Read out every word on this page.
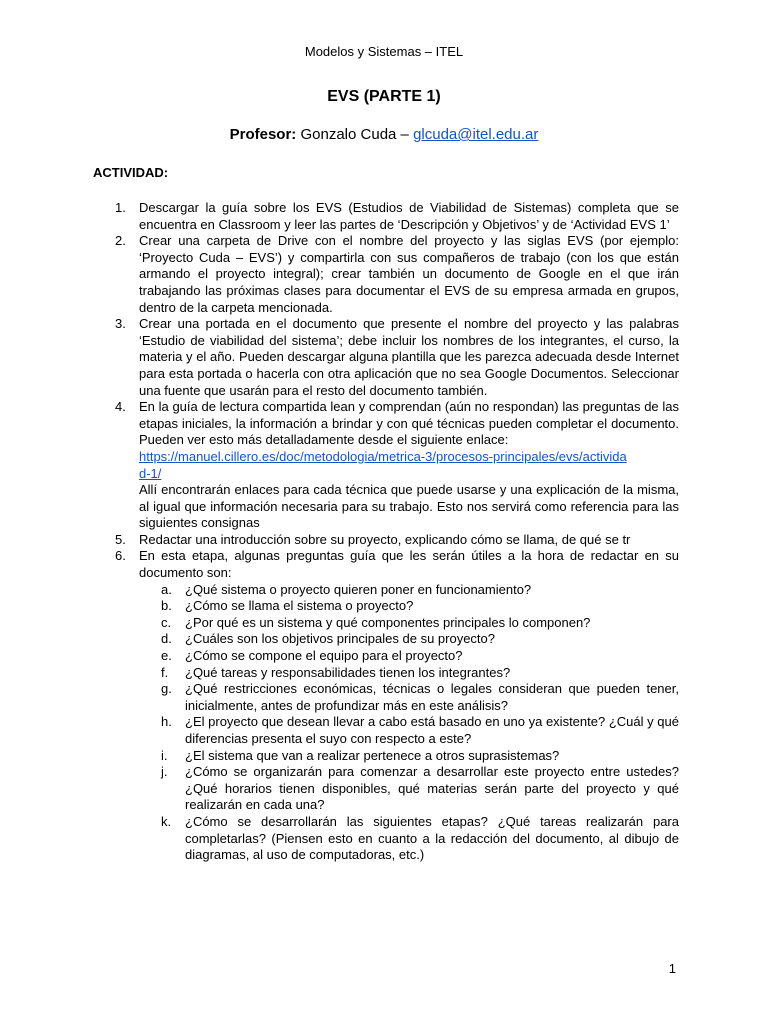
Modelos y Sistemas – ITEL
EVS (PARTE 1)
Profesor: Gonzalo Cuda – glcuda@itel.edu.ar
ACTIVIDAD:
1. Descargar la guía sobre los EVS (Estudios de Viabilidad de Sistemas) completa que se encuentra en Classroom y leer las partes de ‘Descripción y Objetivos’ y de ‘Actividad EVS 1’

2. Crear una carpeta de Drive con el nombre del proyecto y las siglas EVS (por ejemplo: ‘Proyecto Cuda – EVS’) y compartirla con sus compañeros de trabajo (con los que están armando el proyecto integral); crear también un documento de Google en el que irán trabajando las próximas clases para documentar el EVS de su empresa armada en grupos, dentro de la carpeta mencionada.

3. Crear una portada en el documento que presente el nombre del proyecto y las palabras ‘Estudio de viabilidad del sistema’; debe incluir los nombres de los integrantes, el curso, la materia y el año. Pueden descargar alguna plantilla que les parezca adecuada desde Internet para esta portada o hacerla con otra aplicación que no sea Google Documentos. Seleccionar una fuente que usarán para el resto del documento también.

4. En la guía de lectura compartida lean y comprendan (aún no respondan) las preguntas de las etapas iniciales, la información a brindar y con qué técnicas pueden completar el documento. Pueden ver esto más detalladamente desde el siguiente enlace:

https://manuel.cillero.es/doc/metodologia/metrica-3/procesos-principales/evs/actividad-1/

Allí encontrarán enlaces para cada técnica que puede usarse y una explicación de la misma, al igual que información necesaria para su trabajo. Esto nos servirá como referencia para las siguientes consignas

5. Redactar una introducción sobre su proyecto, explicando cómo se llama, de qué se tr

6. En esta etapa, algunas preguntas guía que les serán útiles a la hora de redactar en su documento son:

a. ¿Qué sistema o proyecto quieren poner en funcionamiento?
b. ¿Cómo se llama el sistema o proyecto?
c. ¿Por qué es un sistema y qué componentes principales lo componen?
d. ¿Cuáles son los objetivos principales de su proyecto?
e. ¿Cómo se compone el equipo para el proyecto?
f. ¿Qué tareas y responsabilidades tienen los integrantes?
g. ¿Qué restricciones económicas, técnicas o legales consideran que pueden tener, inicialmente, antes de profundizar más en este análisis?
h. ¿El proyecto que desean llevar a cabo está basado en uno ya existente? ¿Cuál y qué diferencias presenta el suyo con respecto a este?
i. ¿El sistema que van a realizar pertenece a otros suprasistemas?
j. ¿Cómo se organizarán para comenzar a desarrollar este proyecto entre ustedes? ¿Qué horarios tienen disponibles, qué materias serán parte del proyecto y qué realizarán en cada una?
k. ¿Cómo se desarrollarán las siguientes etapas? ¿Qué tareas realizarán para completarlas? (Piensen esto en cuanto a la redacción del documento, al dibujo de diagramas, al uso de computadoras, etc.)
1
